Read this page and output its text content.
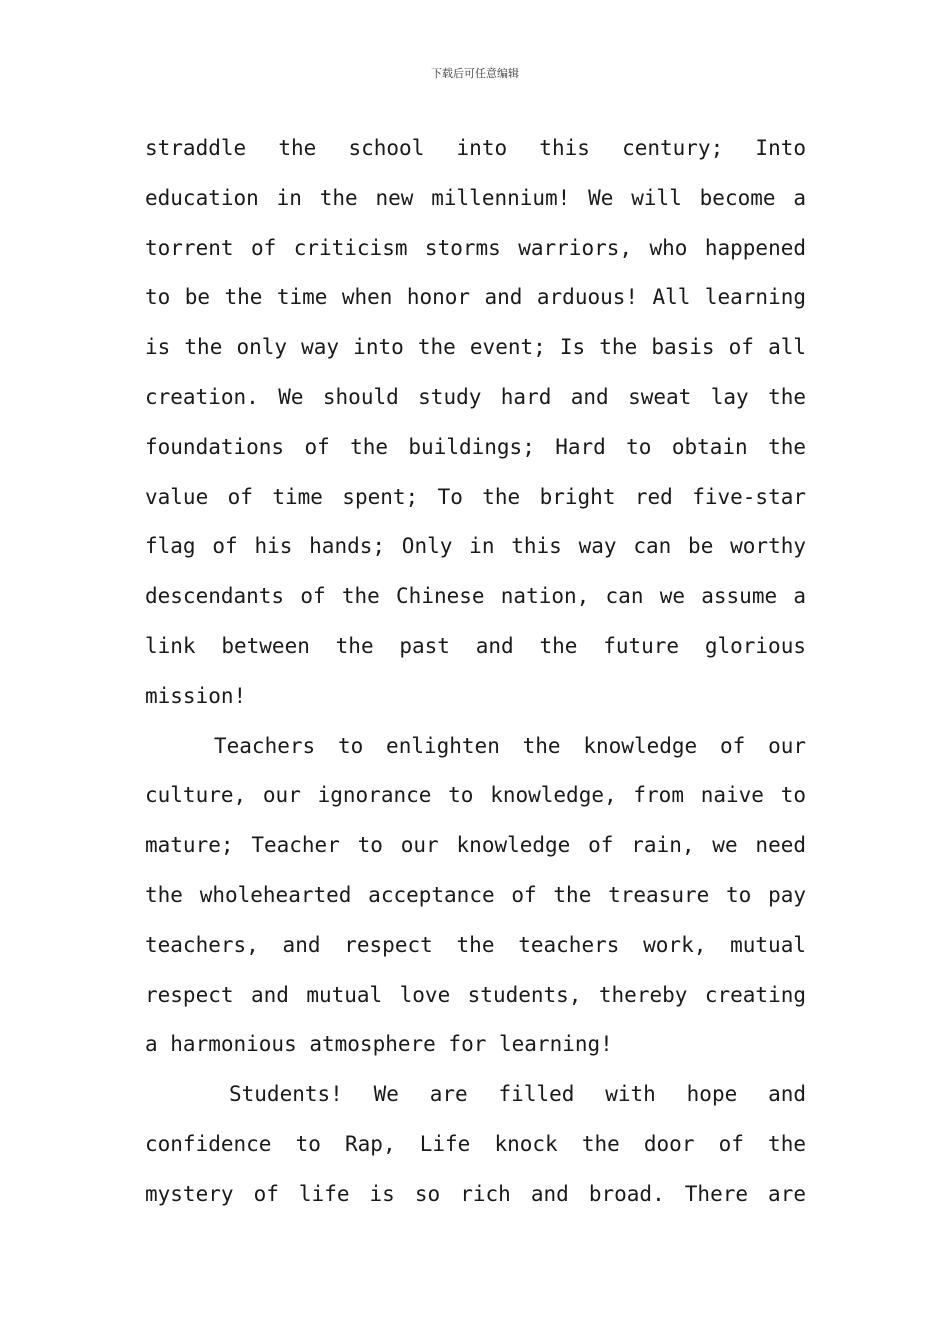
下载后可任意编辑
straddle the school into this century; Into
education in the new millennium! We will become a
torrent of criticism storms warriors, who happened
to be the time when honor and arduous! All learning
is the only way into the event; Is the basis of all
creation. We should study hard and sweat lay the
foundations of the buildings; Hard to obtain the
value of time spent; To the bright red five-star
flag of his hands; Only in this way can be worthy
descendants of the Chinese nation, can we assume a
link between the past and the future glorious
mission!
Teachers to enlighten the knowledge of our
culture, our ignorance to knowledge, from naive to
mature; Teacher to our knowledge of rain, we need
the wholehearted acceptance of the treasure to pay
teachers, and respect the teachers work, mutual
respect and mutual love students, thereby creating
a harmonious atmosphere for learning!
Students! We are filled with hope and
confidence to Rap, Life knock the door of the
mystery of life is so rich and broad. There are
